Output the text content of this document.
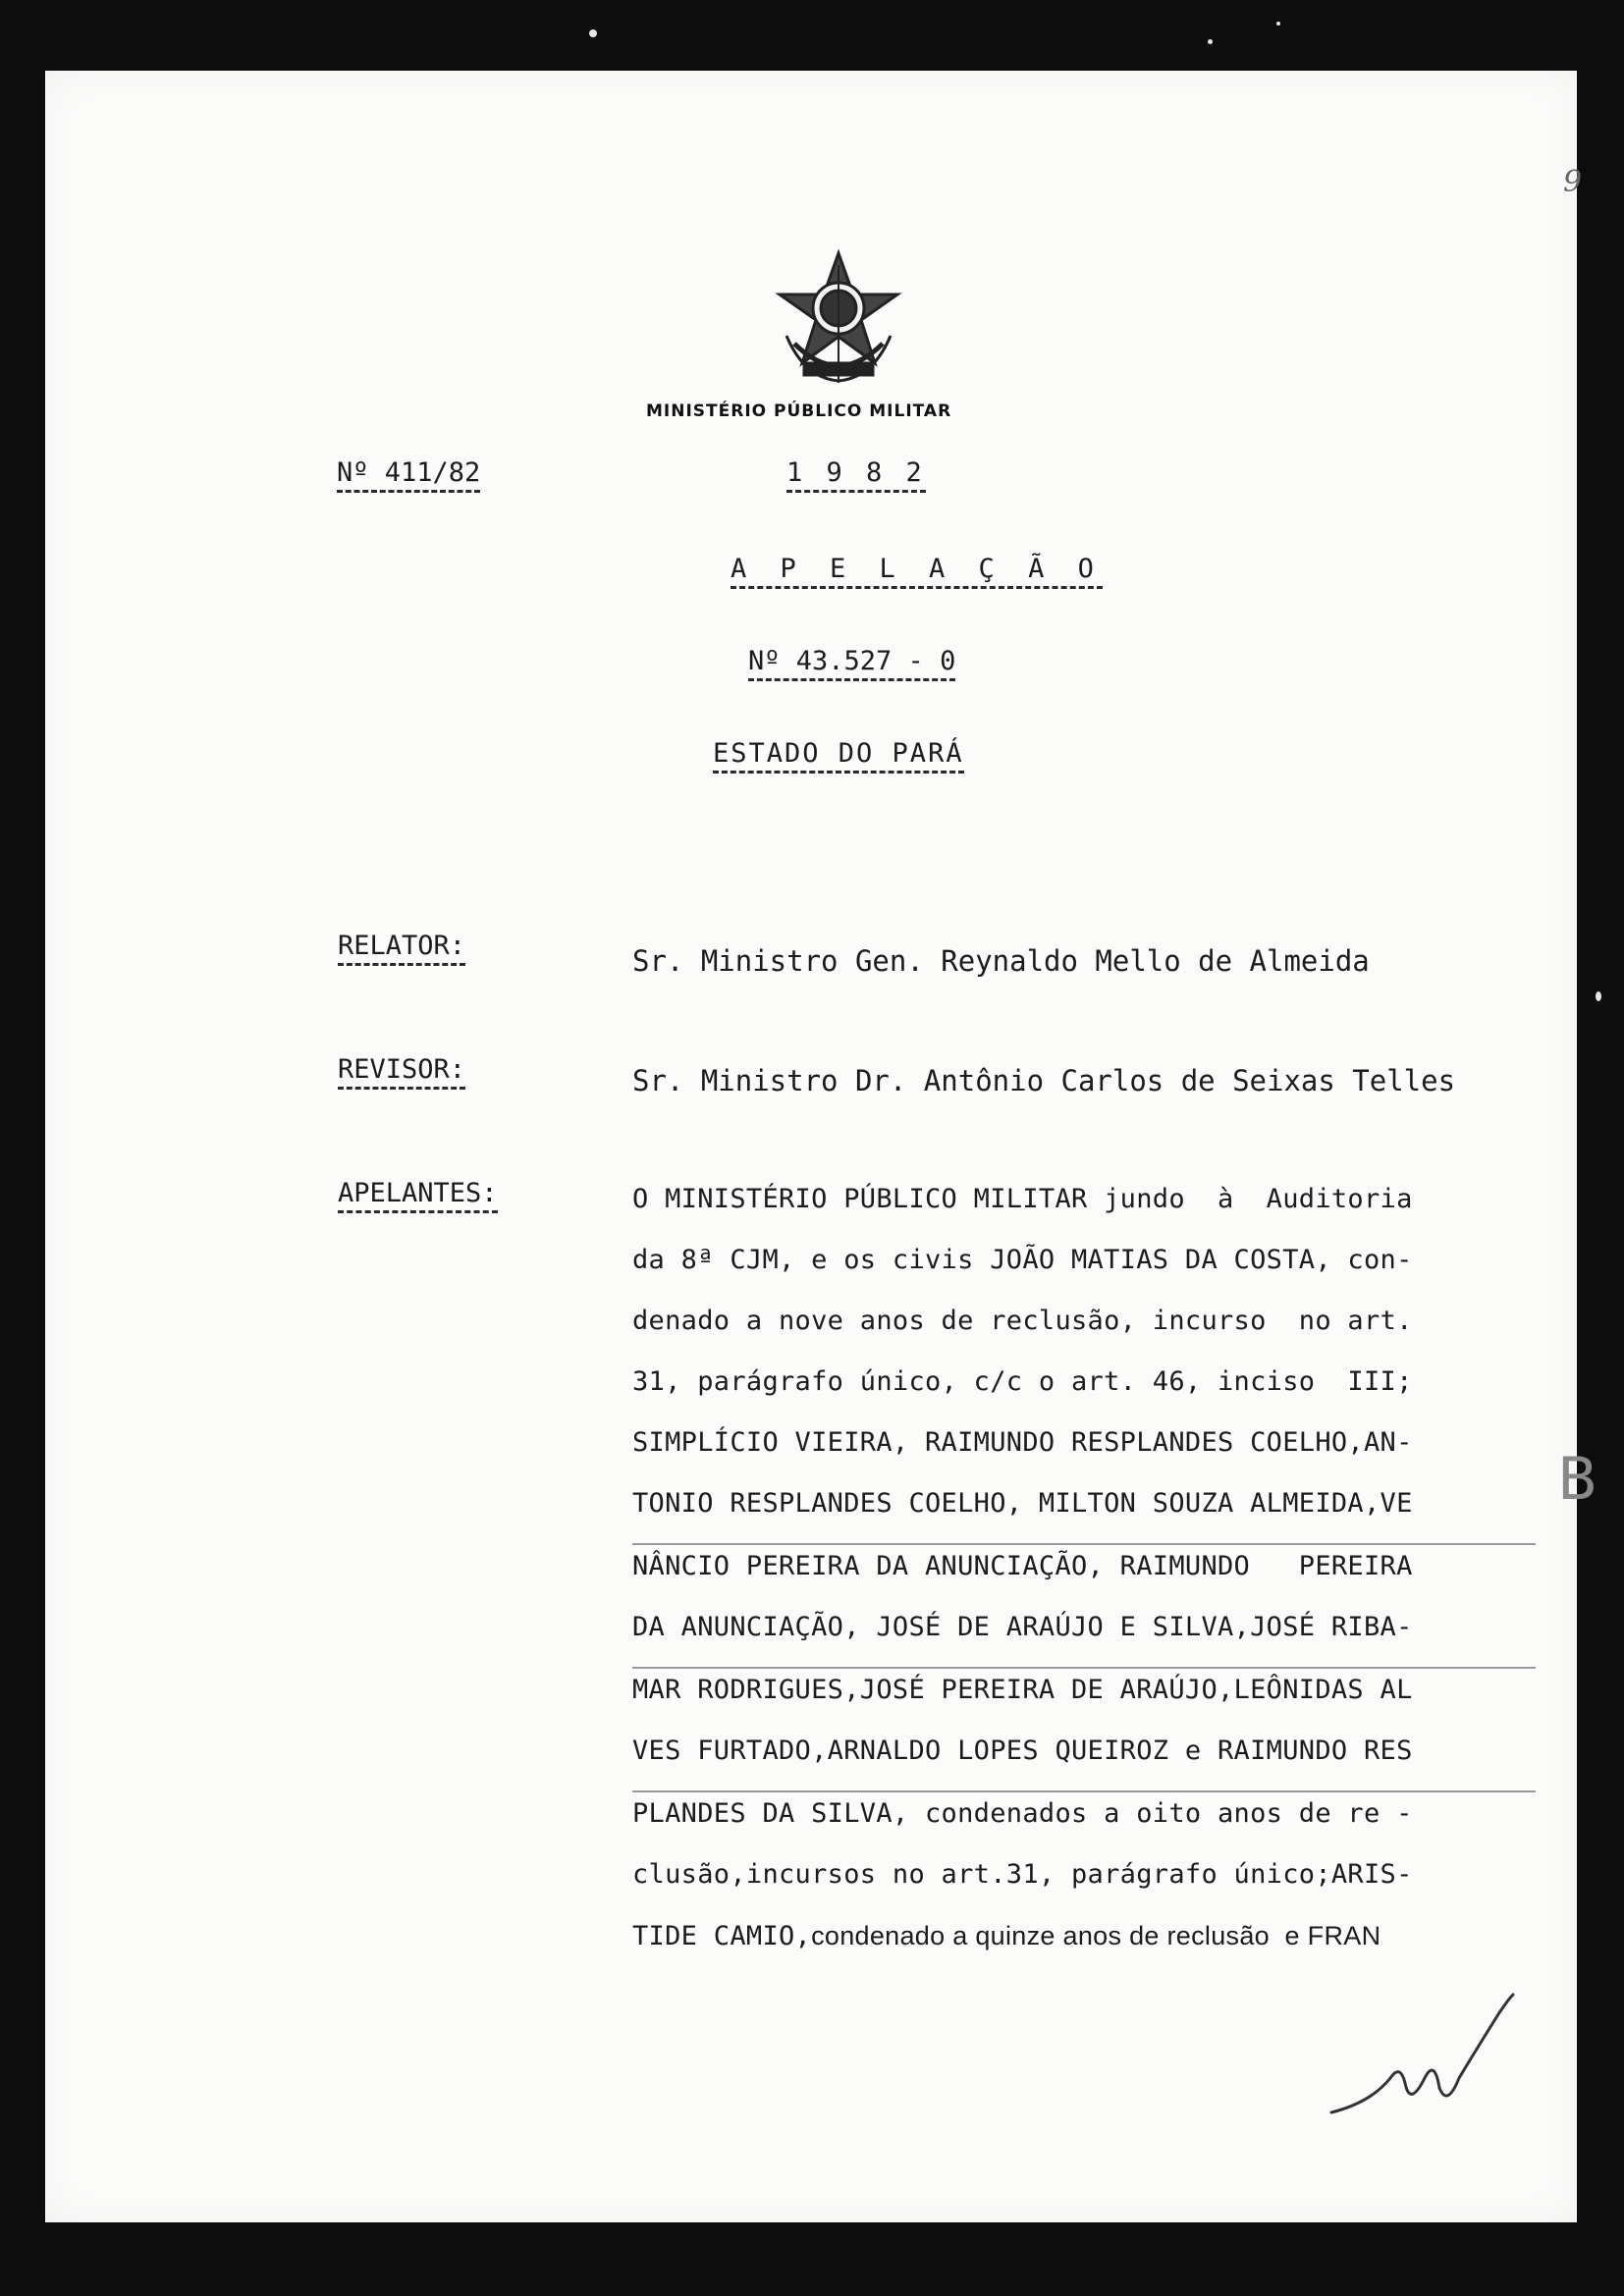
MINISTÉRIO PÚBLICO MILITAR
Nº 411/82	1 9 8 2
A P E L A Ç Ã O
Nº 43.527 - 0
ESTADO DO PARÁ
RELATOR:	Sr. Ministro Gen. Reynaldo Mello de Almeida
REVISOR:	Sr. Ministro Dr. Antônio Carlos de Seixas Telles
APELANTES:	O MINISTÉRIO PÚBLICO MILITAR jundo  à  Auditoria
da 8ª CJM, e os civis JOÃO MATIAS DA COSTA, con-
denado a nove anos de reclusão, incurso  no art.
31, parágrafo único, c/c o art. 46, inciso  III;
SIMPLÍCIO VIEIRA, RAIMUNDO RESPLANDES COELHO,AN-
TONIO RESPLANDES COELHO, MILTON SOUZA ALMEIDA,VE
NÂNCIO PEREIRA DA ANUNCIAÇÃO, RAIMUNDO   PEREIRA
DA ANUNCIAÇÃO, JOSÉ DE ARAÚJO E SILVA,JOSÉ RIBA-
MAR RODRIGUES,JOSÉ PEREIRA DE ARAÚJO,LEÔNIDAS AL
VES FURTADO,ARNALDO LOPES QUEIROZ e RAIMUNDO RES
PLANDES DA SILVA, condenados a oito anos de re -
clusão,incursos no art.31, parágrafo único;ARIS-
TIDE CAMIO,condenado a quinze anos de reclusão  e FRAN
B
9
